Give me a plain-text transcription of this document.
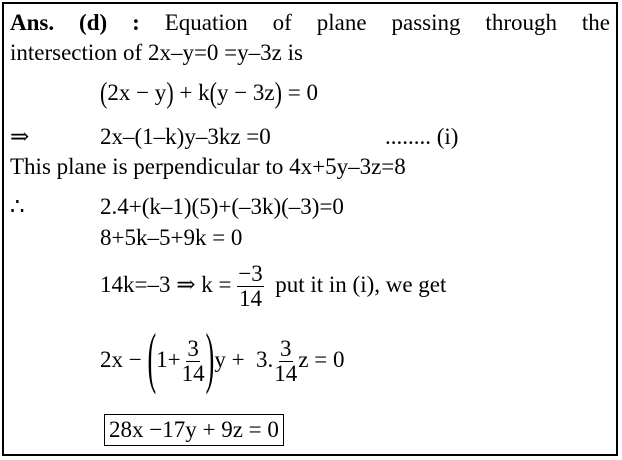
Ans. (d) : Equation of plane passing through the
intersection of 2x–y=0 =y–3z is
(2x − y) + k(y − 3z) = 0
⇒	2x–(1–k)y–3kz =0	........ (i)
This plane is perpendicular to 4x+5y–3z=8
∴	2.4+(k–1)(5)+(–3k)(–3)=0
8+5k–5+9k = 0
14k=–3 ⇒ $k = \frac{-3}{14}$ put it in (i), we get
$2x - (1+ \frac{3}{14} )y + 3$. $\frac{3}{14}$ z = 0
28x −17y + 9z = 0
